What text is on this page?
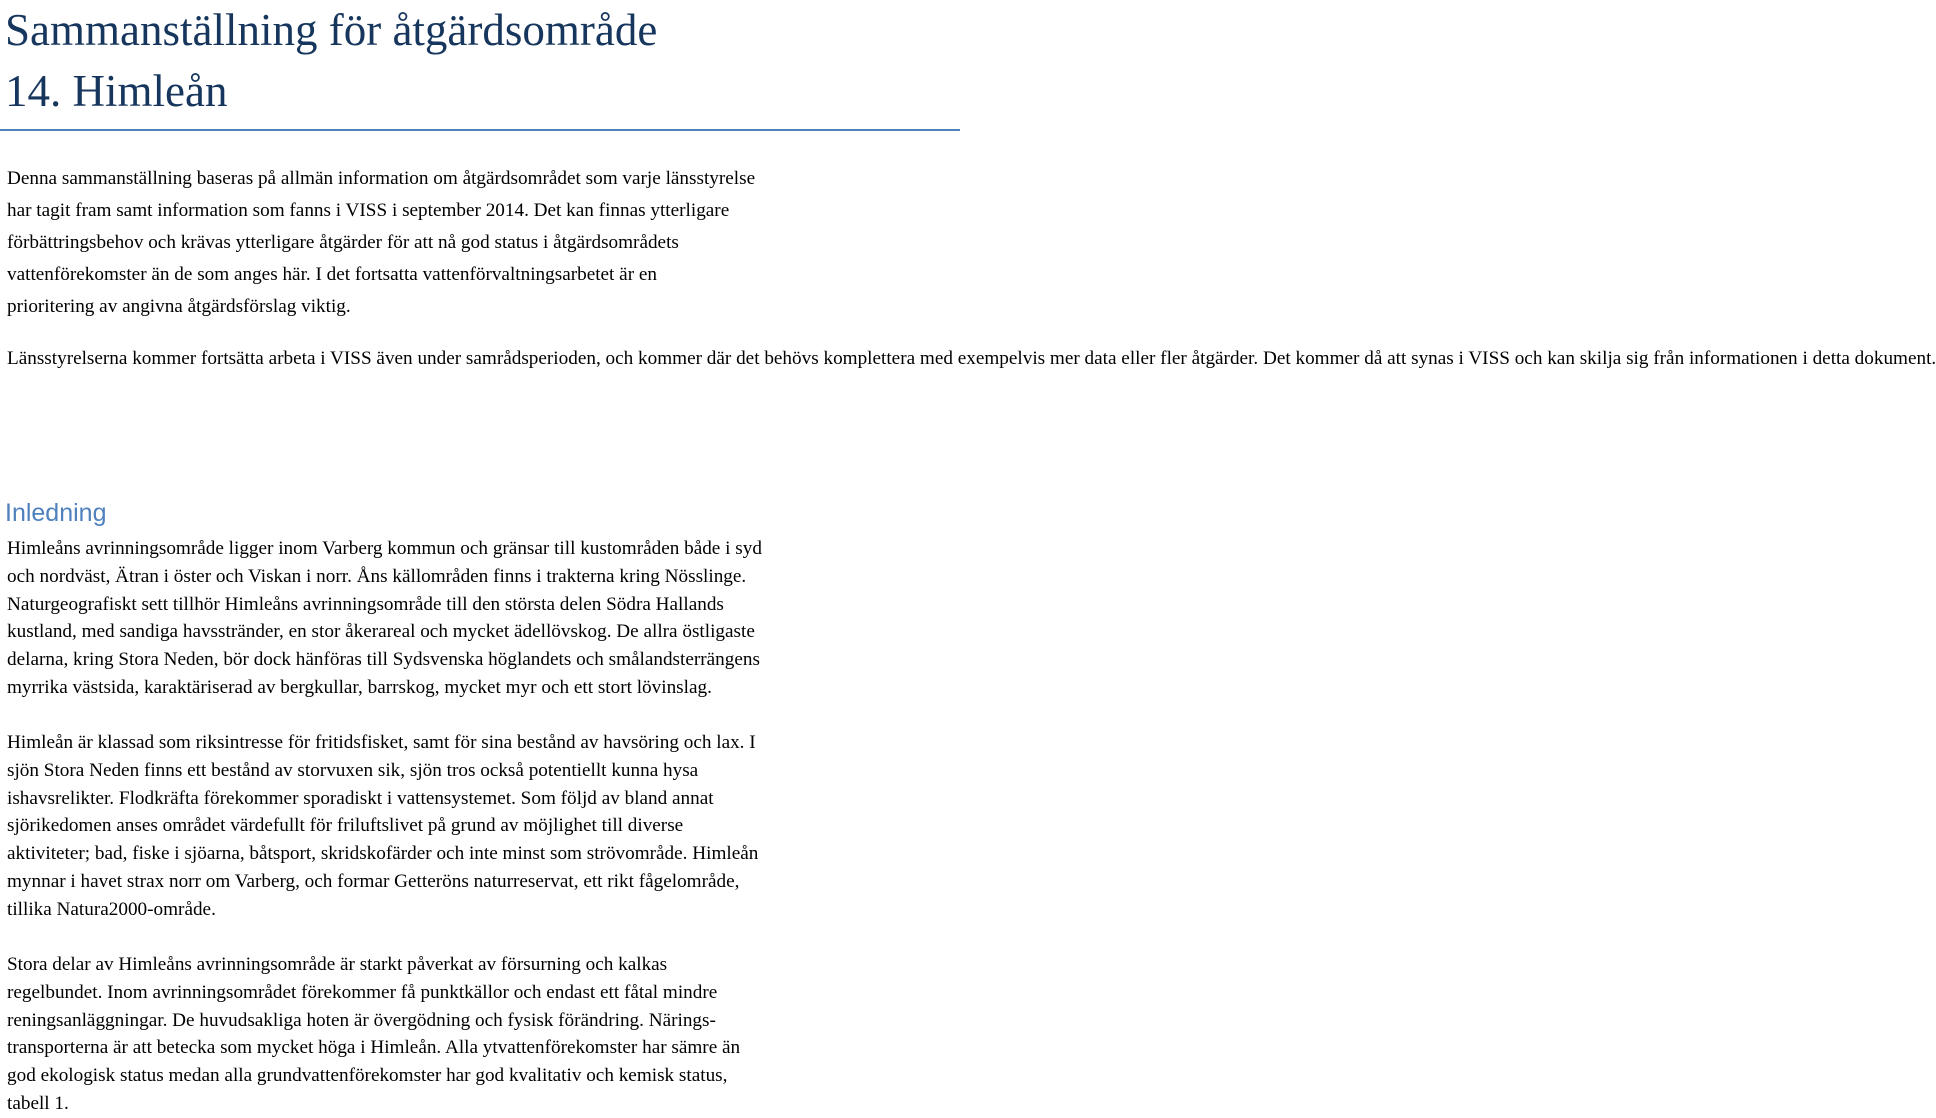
Sammanställning för åtgärdsområde
14. Himleån
Denna sammanställning baseras på allmän information om åtgärdsområdet som varje länsstyrelse
har tagit fram samt information som fanns i VISS i september 2014. Det kan finnas ytterligare
förbättringsbehov och krävas ytterligare åtgärder för att nå god status i åtgärdsområdets
vattenförekomster än de som anges här. I det fortsatta vattenförvaltningsarbetet är en
prioritering av angivna åtgärdsförslag viktig.
Länsstyrelserna kommer fortsätta arbeta i VISS även under samrådsperioden, och kommer där det behövs komplettera med exempelvis mer data eller fler åtgärder. Det kommer då att synas i VISS och kan skilja sig från informationen i detta dokument.
Inledning
Himleåns avrinningsområde ligger inom Varberg kommun och gränsar till kustområden både i syd
och nordväst, Ätran i öster och Viskan i norr. Åns källområden finns i trakterna kring Nösslinge.
Naturgeografiskt sett tillhör Himleåns avrinningsområde till den största delen Södra Hallands
kustland, med sandiga havsstränder, en stor åkerareal och mycket ädellövskog. De allra östligaste
delarna, kring Stora Neden, bör dock hänföras till Sydsvenska höglandets och smålandsterrängens
myrrika västsida, karaktäriserad av bergkullar, barrskog, mycket myr och ett stort lövinslag.
Himleån är klassad som riksintresse för fritidsfisket, samt för sina bestånd av havsöring och lax. I
sjön Stora Neden finns ett bestånd av storvuxen sik, sjön tros också potentiellt kunna hysa
ishavsrelikter. Flodkräfta förekommer sporadiskt i vattensystemet. Som följd av bland annat
sjörikedomen anses området värdefullt för friluftslivet på grund av möjlighet till diverse
aktiviteter; bad, fiske i sjöarna, båtsport, skridskofärder och inte minst som strövområde. Himleån
mynnar i havet strax norr om Varberg, och formar Getteröns naturreservat, ett rikt fågelområde,
tillika Natura2000-område.
Stora delar av Himleåns avrinningsområde är starkt påverkat av försurning och kalkas
regelbundet. Inom avrinningsområdet förekommer få punktkällor och endast ett fåtal mindre
reningsanläggningar. De huvudsakliga hoten är övergödning och fysisk förändring. Närings-
transporterna är att betecka som mycket höga i Himleån. Alla ytvattenförekomster har sämre än
god ekologisk status medan alla grundvattenförekomster har god kvalitativ och kemisk status,
tabell 1.
